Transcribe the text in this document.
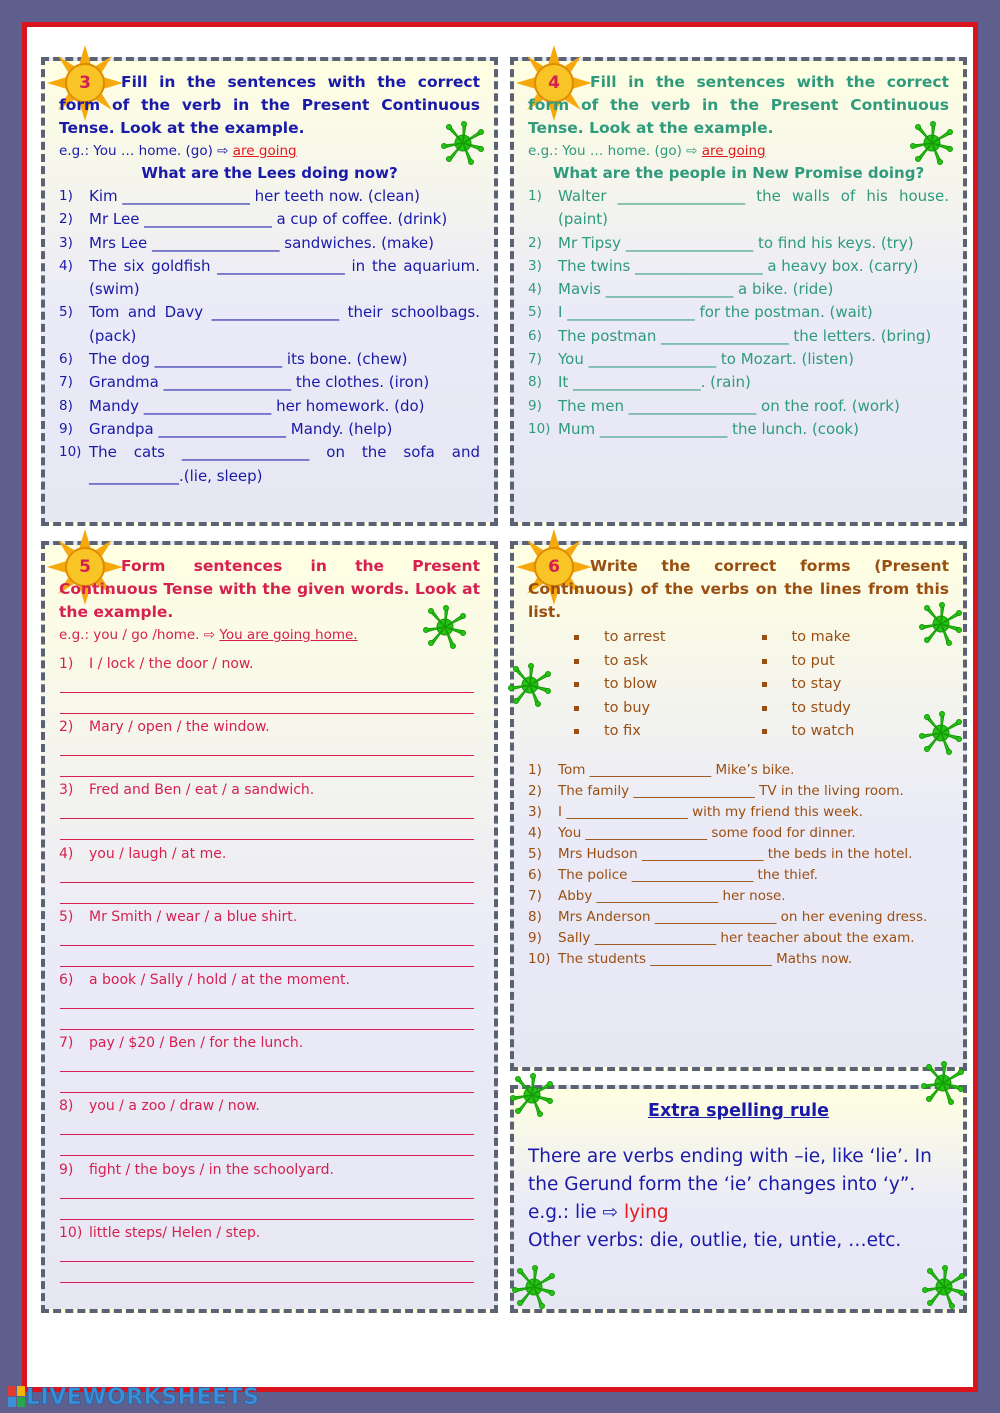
3	Fill in the sentences with the correct form of the verb in the Present Continuous Tense. Look at the example.

e.g.: You … home. (go) ⇨ are going
What are the Lees doing now?
1) Kim _________________ her teeth now. (clean)
2) Mr Lee _________________ a cup of coffee. (drink)
3) Mrs Lee _________________ sandwiches. (make)
4) The six goldfish _________________ in the aquarium. (swim)
5) Tom and Davy _________________ their schoolbags. (pack)
6) The dog _________________ its bone. (chew)
7) Grandma _________________ the clothes. (iron)
8) Mandy _________________ her homework. (do)
9) Grandpa _________________ Mandy. (help)
10) The cats _________________ on the sofa and ____________.(lie, sleep)
4	Fill in the sentences with the correct form of the verb in the Present Continuous Tense. Look at the example.

e.g.: You … home. (go) ⇨ are going
What are the people in New Promise doing?
1) Walter _________________ the walls of his house. (paint)
2) Mr Tipsy _________________ to find his keys. (try)
3) The twins _________________ a heavy box. (carry)
4) Mavis _________________ a bike. (ride)
5) I _________________ for the postman. (wait)
6) The postman _________________ the letters. (bring)
7) You _________________ to Mozart. (listen)
8) It _________________. (rain)
9) The men _________________ on the roof. (work)
10) Mum _________________ the lunch. (cook)
5	Form sentences in the Present Continuous Tense with the given words. Look at the example.

e.g.: you / go /home. ⇨ You are going home.
1) I / lock / the door / now.
2) Mary / open / the window.
3) Fred and Ben / eat / a sandwich.
4) you / laugh / at me.
5) Mr Smith / wear / a blue shirt.
6) a book / Sally / hold / at the moment.
7) pay / $20 / Ben / for the lunch.
8) you / a zoo / draw / now.
9) fight / the boys / in the schoolyard.
10) little steps/ Helen / step.
6	Write the correct forms (Present Continuous) of the verbs on the lines from this list.

to arrest	to make
to ask	to put
to blow	to stay
to buy	to study
to fix	to watch
1) Tom __________________ Mike’s bike.
2) The family __________________ TV in the living room.
3) I __________________ with my friend this week.
4) You __________________ some food for dinner.
5) Mrs Hudson __________________ the beds in the hotel.
6) The police __________________ the thief.
7) Abby __________________ her nose.
8) Mrs Anderson __________________ on her evening dress.
9) Sally __________________ her teacher about the exam.
10) The students __________________ Maths now.
Extra spelling rule
There are verbs ending with –ie, like ‘lie’. In the Gerund form the ‘ie’ changes into ‘y”.
e.g.: lie ⇨ lying
Other verbs: die, outlie, tie, untie, …etc.
LIVEWORKSHEETS
